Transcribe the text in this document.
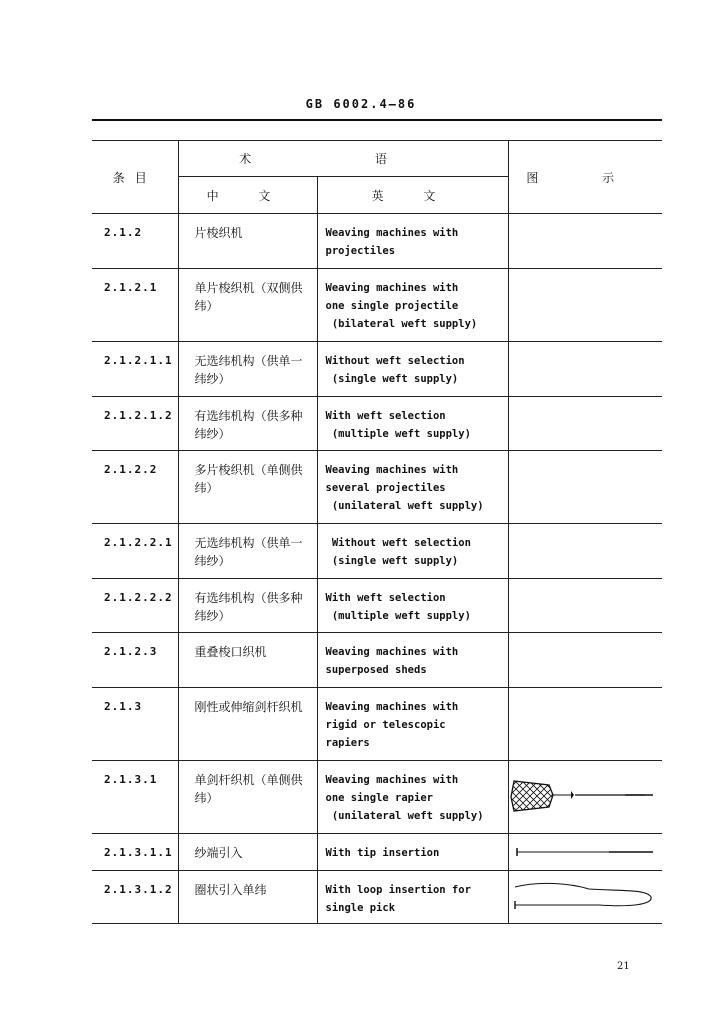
GB 6002.4—86
条目	术 语		图 示
	中 文	英 文	
2.1.2	片梭织机	Weaving machines with
projectiles	
2.1.2.1	单片梭织机（双侧供纬）	Weaving machines with
one single projectile
(bilateral weft supply)	
2.1.2.1.1	无选纬机构（供单一纬纱）	Without weft selection
(single weft supply)	
2.1.2.1.2	有选纬机构（供多种纬纱）	With weft selection
(multiple weft supply)	
2.1.2.2	多片梭织机（单侧供纬）	Weaving machines with
several projectiles
(unilateral weft supply)	
2.1.2.2.1	无选纬机构（供单一纬纱）	Without weft selection
(single weft supply)	
2.1.2.2.2	有选纬机构（供多种纬纱）	With weft selection
(multiple weft supply)	
2.1.2.3	重叠梭口织机	Weaving machines with
superposed sheds	
2.1.3	刚性或伸缩剑杆织机	Weaving machines with
rigid or telescopic
rapiers	
2.1.3.1	单剑杆织机（单侧供纬）	Weaving machines with
one single rapier
(unilateral weft supply)	

2.1.3.1.1	纱端引入	With tip insertion	

2.1.3.1.2	圈状引入单纬	With loop insertion for
single pick	
21
